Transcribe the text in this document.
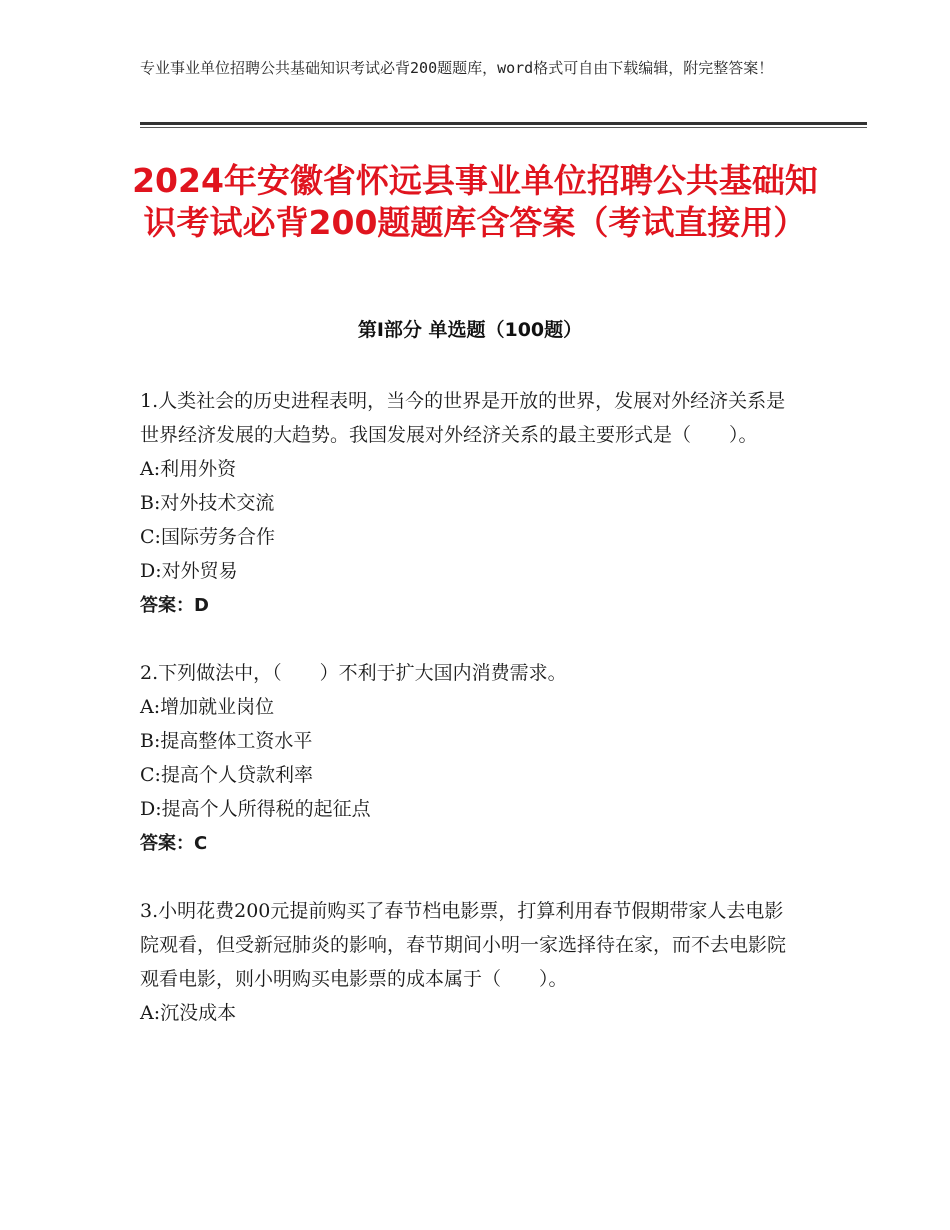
专业事业单位招聘公共基础知识考试必背200题题库，word格式可自由下载编辑，附完整答案！
2024年安徽省怀远县事业单位招聘公共基础知识考试必背200题题库含答案（考试直接用）
第Ⅰ部分 单选题（100题）

1.人类社会的历史进程表明，当今的世界是开放的世界，发展对外经济关系是世界经济发展的大趋势。我国发展对外经济关系的最主要形式是（　　）。

A:利用外资

B:对外技术交流

C:国际劳务合作

D:对外贸易

答案：D

2.下列做法中，（　　）不利于扩大国内消费需求。

A:增加就业岗位

B:提高整体工资水平

C:提高个人贷款利率

D:提高个人所得税的起征点

答案：C

3.小明花费200元提前购买了春节档电影票，打算利用春节假期带家人去电影院观看，但受新冠肺炎的影响，春节期间小明一家选择待在家，而不去电影院观看电影，则小明购买电影票的成本属于（　　）。

A:沉没成本
